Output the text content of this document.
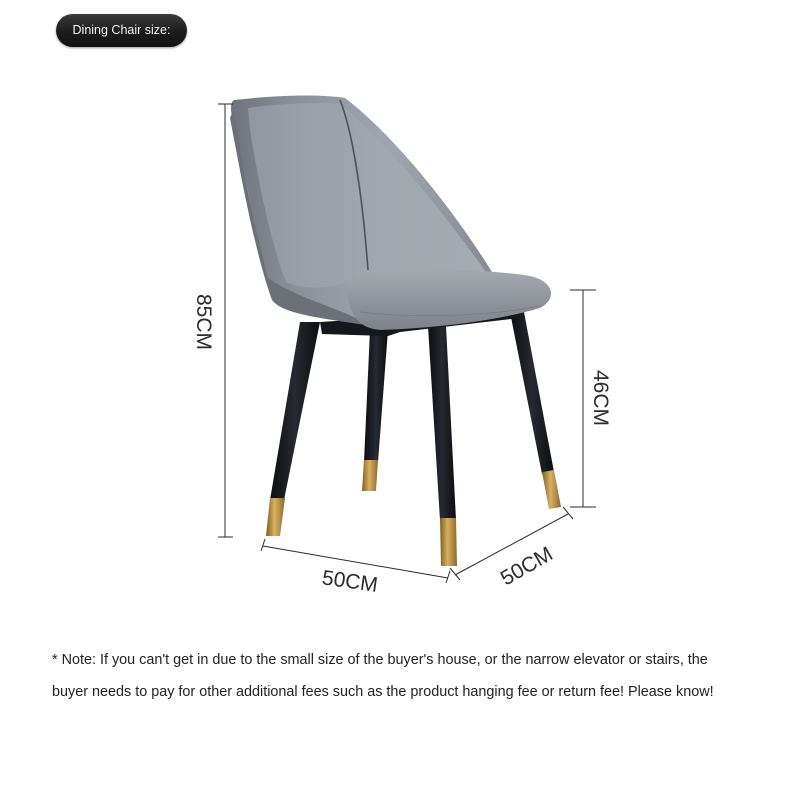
Dining Chair size:
85CM
46CM
50CM	50CM

* Note: If you can't get in due to the small size of the buyer's house, or the narrow elevator or stairs, the

buyer needs to pay for other additional fees such as the product hanging fee or return fee! Please know!
